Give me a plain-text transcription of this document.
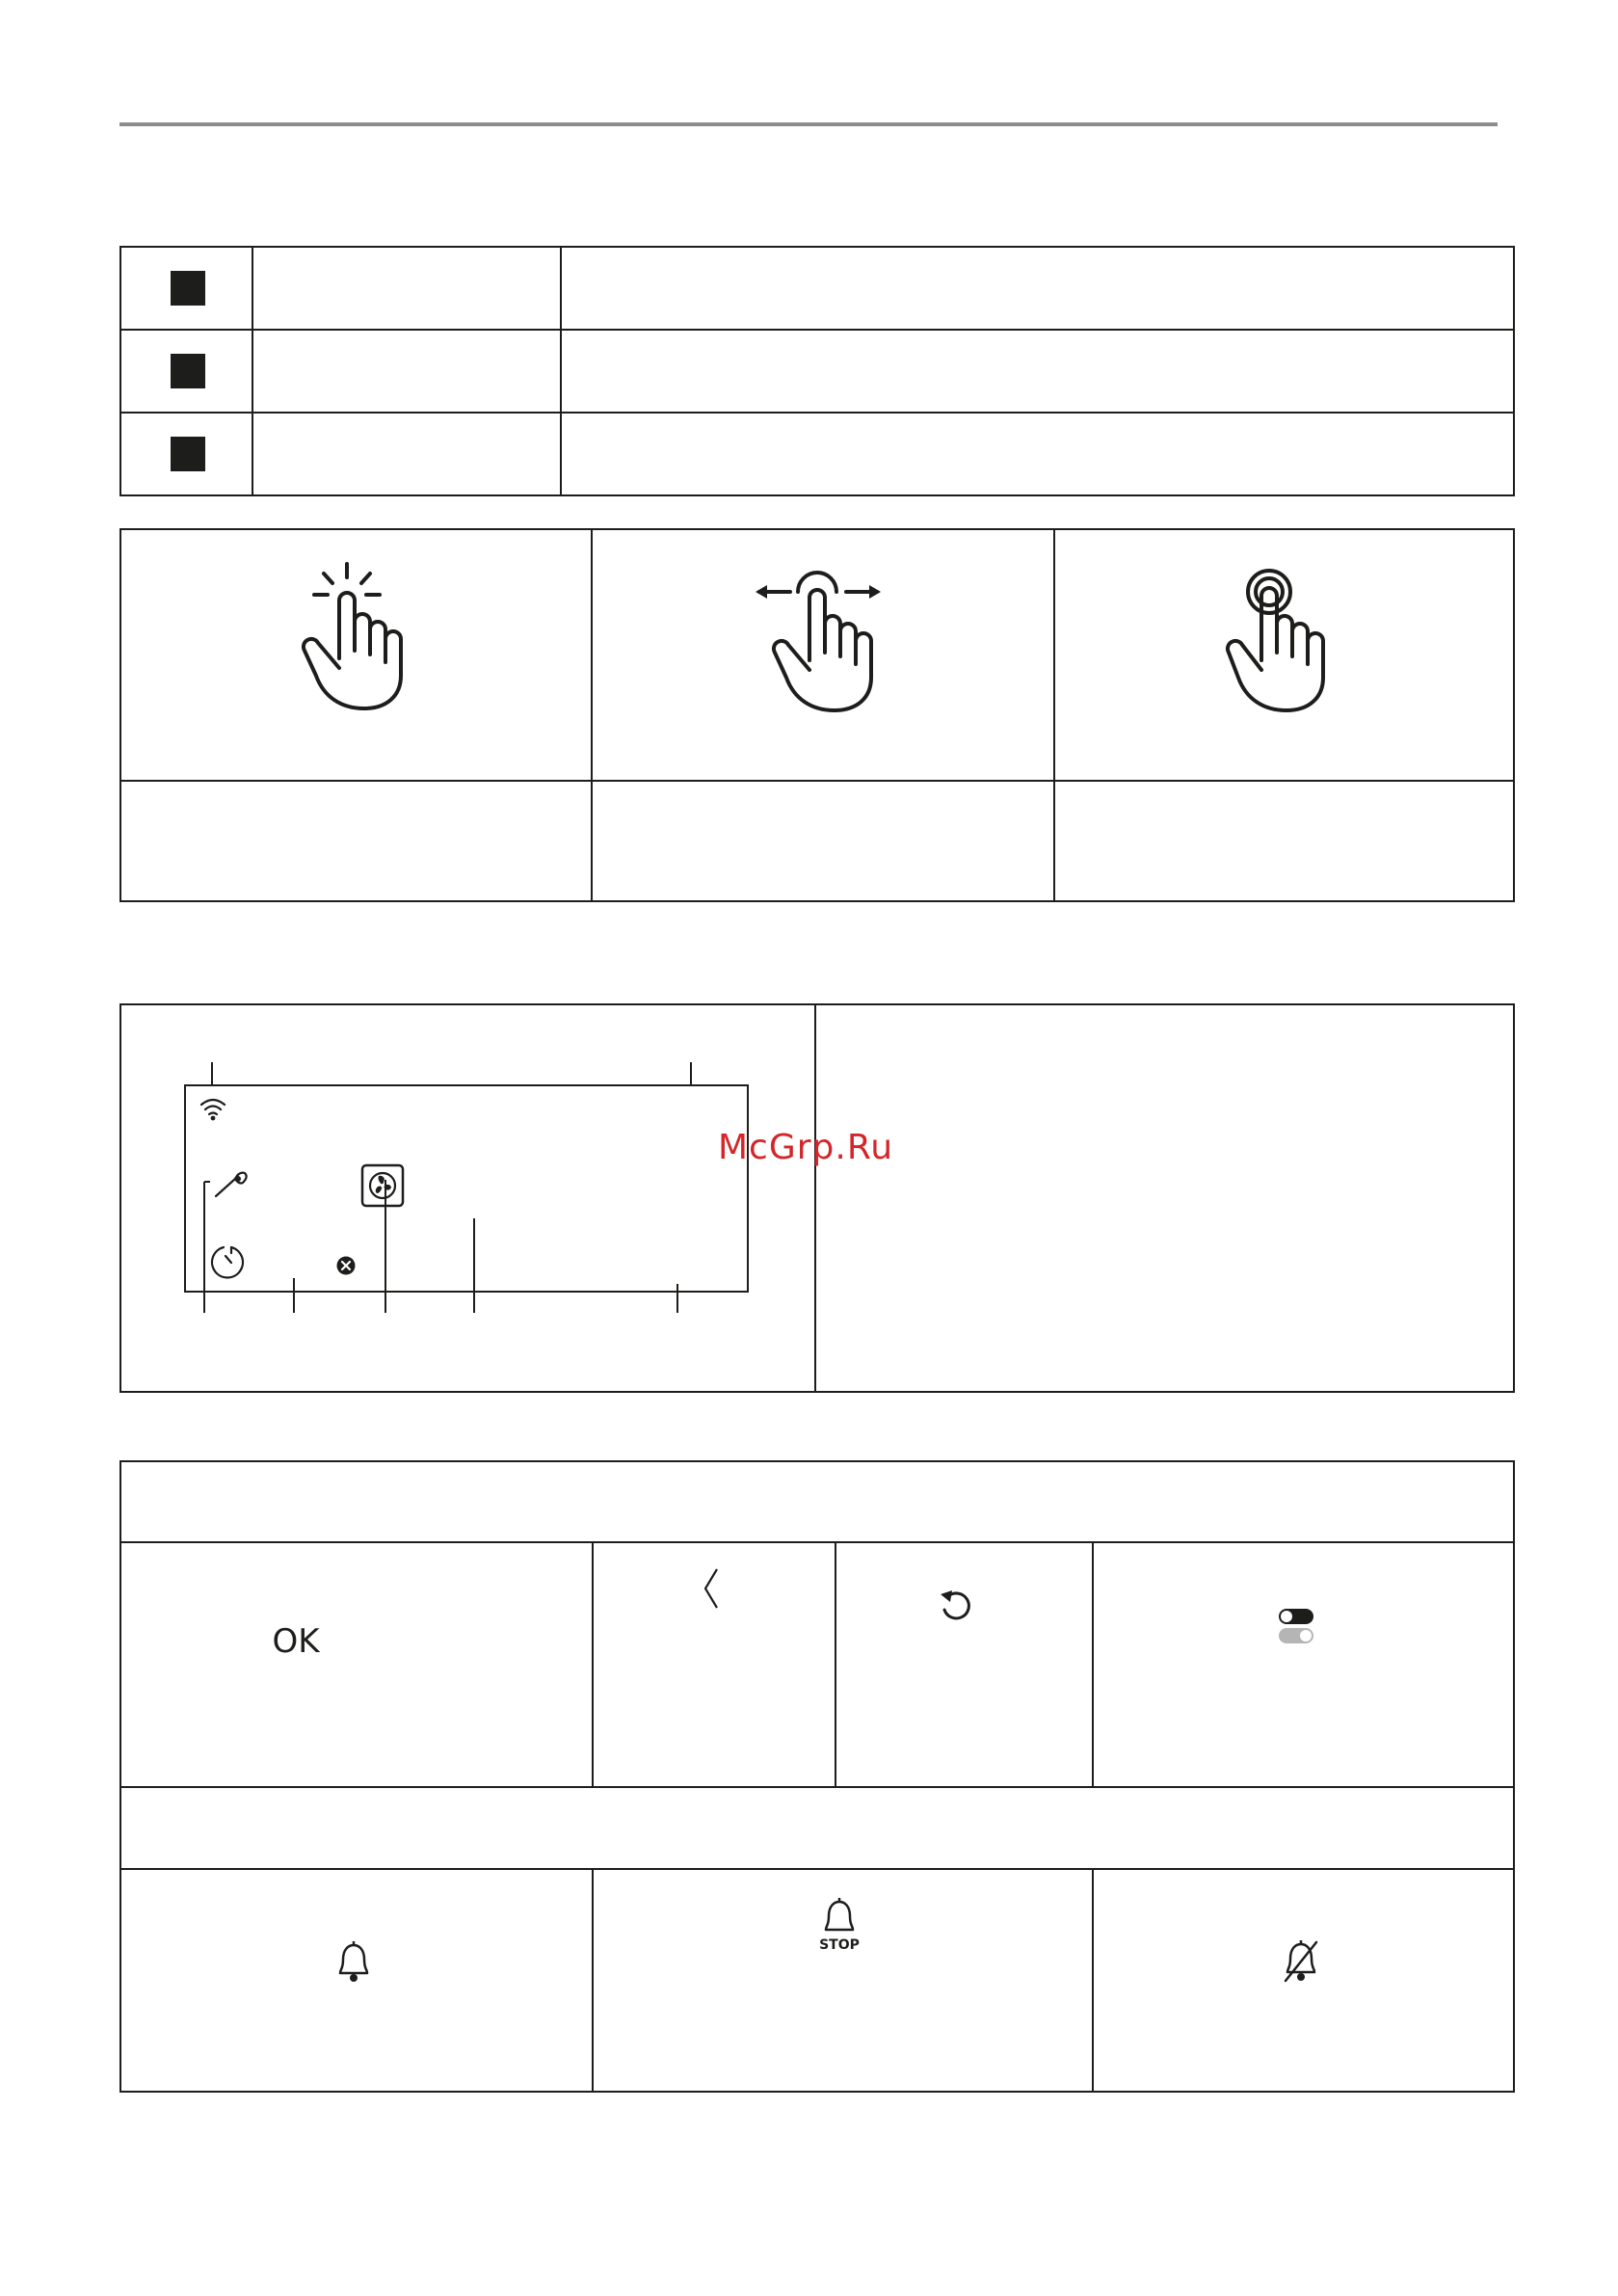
McGrp.Ru
OK
STOP
